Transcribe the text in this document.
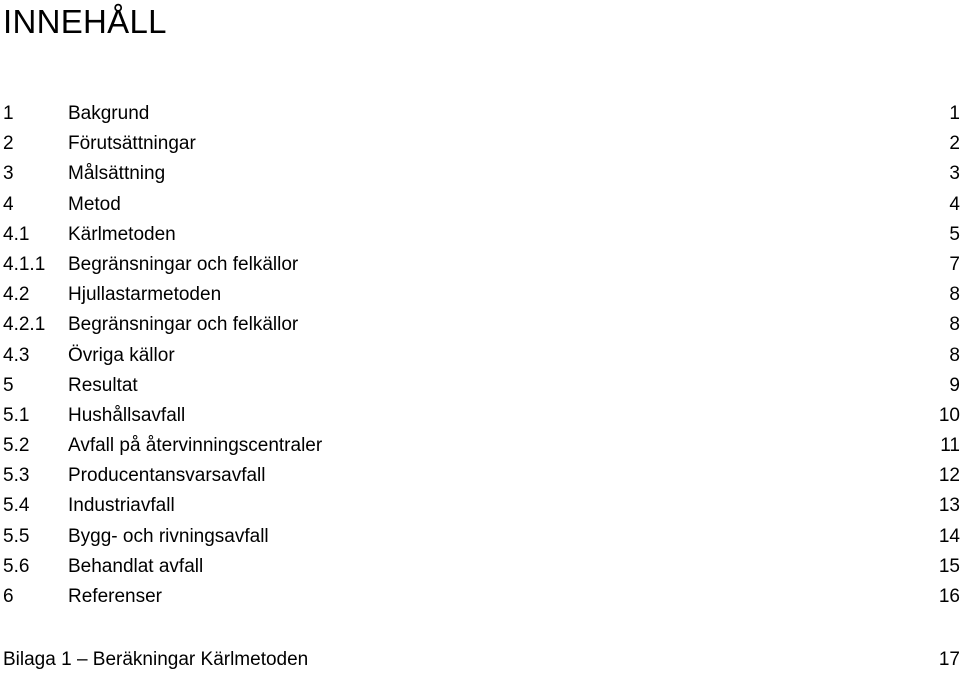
INNEHÅLL
1	Bakgrund	1
2	Förutsättningar	2
3	Målsättning	3
4	Metod	4
4.1 Kärlmetoden	5
4.1.1 Begränsningar och felkällor	7
4.2 Hjullastarmetoden	8
4.2.1 Begränsningar och felkällor	8
4.3 Övriga källor	8
5	Resultat	9
5.1 Hushållsavfall	10
5.2 Avfall på återvinningscentraler	11
5.3 Producentansvarsavfall	12
5.4 Industriavfall	13
5.5 Bygg- och rivningsavfall	14
5.6 Behandlat avfall	15
6	Referenser	16
Bilaga 1 – Beräkningar Kärlmetoden	17
